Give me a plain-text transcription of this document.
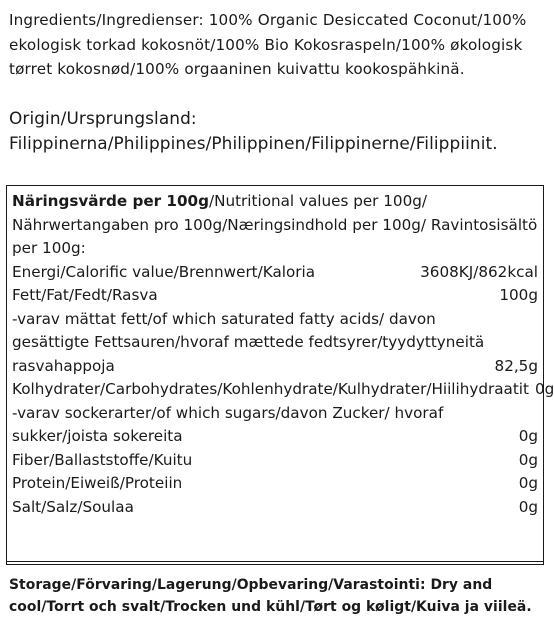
Ingredients/Ingredienser: 100% Organic Desiccated Coconut/100% ekologisk torkad kokosnöt/100% Bio Kokosraspeln/100% økologisk tørret kokosnød/100% orgaaninen kuivattu kookospähkinä.
Origin/Ursprungsland:
Filippinerna/Philippines/Philippinen/Filippinerne/Filippiinit.
Näringsvärde per 100g/Nutritional values per 100g/ Nährwertangaben pro 100g/Næringsindhold per 100g/ Ravintosisältö per 100g:
Energi/Calorific value/Brennwert/Kaloria	3608KJ/862kcal
Fett/Fat/Fedt/Rasva	100g
-varav mättat fett/of which saturated fatty acids/ davon gesättigte Fettsauren/hvoraf mættede fedtsyrer/tyydyttyneitä rasvahappoja	82,5g
Kolhydrater/Carbohydrates/Kohlenhydrate/Kulhydrater/Hiilihydraatit 0g
-varav sockerarter/of which sugars/davon Zucker/ hvoraf sukker/joista sokereita	0g
Fiber/Ballaststoffe/Kuitu	0g
Protein/Eiweiß/Proteiin	0g
Salt/Salz/Soulaa	0g
Storage/Förvaring/Lagerung/Opbevaring/Varastointi: Dry and cool/Torrt och svalt/Trocken und kühl/Tørt og køligt/Kuiva ja viileä.
